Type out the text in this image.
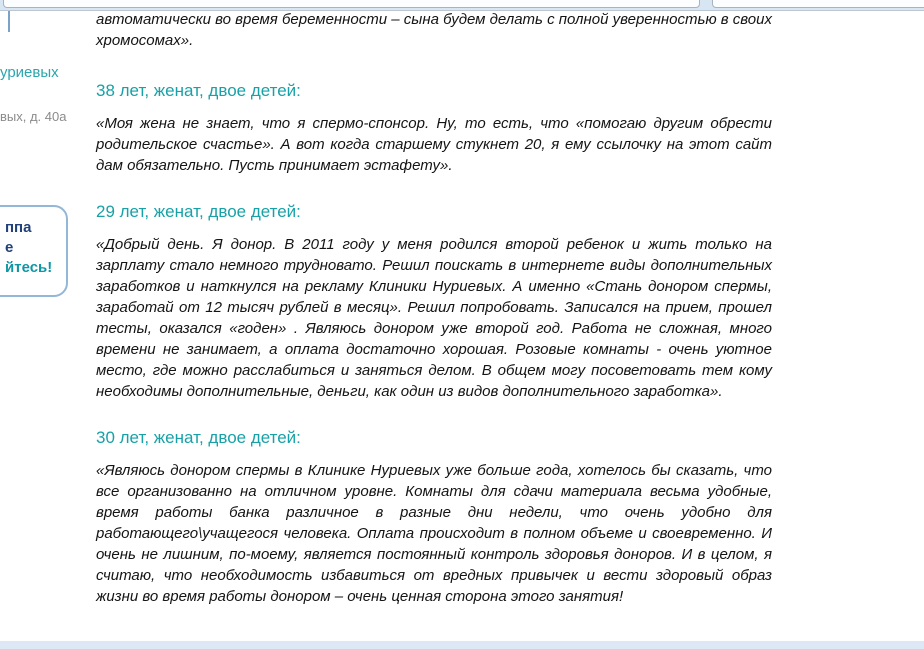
уриевых
вых, д. 40а
ппа
е
йтесь!

автоматически во время беременности – сына будем делать с полной уверенностью в своих хромосомах».

38 лет, женат, двое детей:

«Моя жена не знает, что я спермо-спонсор. Ну, то есть, что «помогаю другим обрести родительское счастье». А вот когда старшему стукнет 20, я ему ссылочку на этот сайт дам обязательно. Пусть принимает эстафету».

29 лет, женат, двое детей:

«Добрый день. Я донор. В 2011 году у меня родился второй ребенок и жить только на зарплату стало немного трудновато. Решил поискать в интернете виды дополнительных заработков и наткнулся на рекламу Клиники Нуриевых. А именно «Стань донором спермы, заработай от 12 тысяч рублей в месяц». Решил попробовать. Записался на прием, прошел тесты, оказался «годен» . Являюсь донором уже второй год. Работа не сложная, много времени не занимает, а оплата достаточно хорошая. Розовые комнаты - очень уютное место, где можно расслабиться и заняться делом. В общем могу посоветовать тем кому необходимы дополнительные, деньги, как один из видов дополнительного заработка».

30 лет, женат, двое детей:

«Являюсь донором спермы в Клинике Нуриевых уже больше года, хотелось бы сказать, что все организованно на отличном уровне. Комнаты для сдачи материала весьма удобные, время работы банка различное в разные дни недели, что очень удобно для работающего\учащегося человека. Оплата происходит в полном объеме и своевременно. И очень не лишним, по-моему, является постоянный контроль здоровья доноров. И в целом, я считаю, что необходимость избавиться от вредных привычек и вести здоровый образ жизни во время работы донором – очень ценная сторона этого занятия!
